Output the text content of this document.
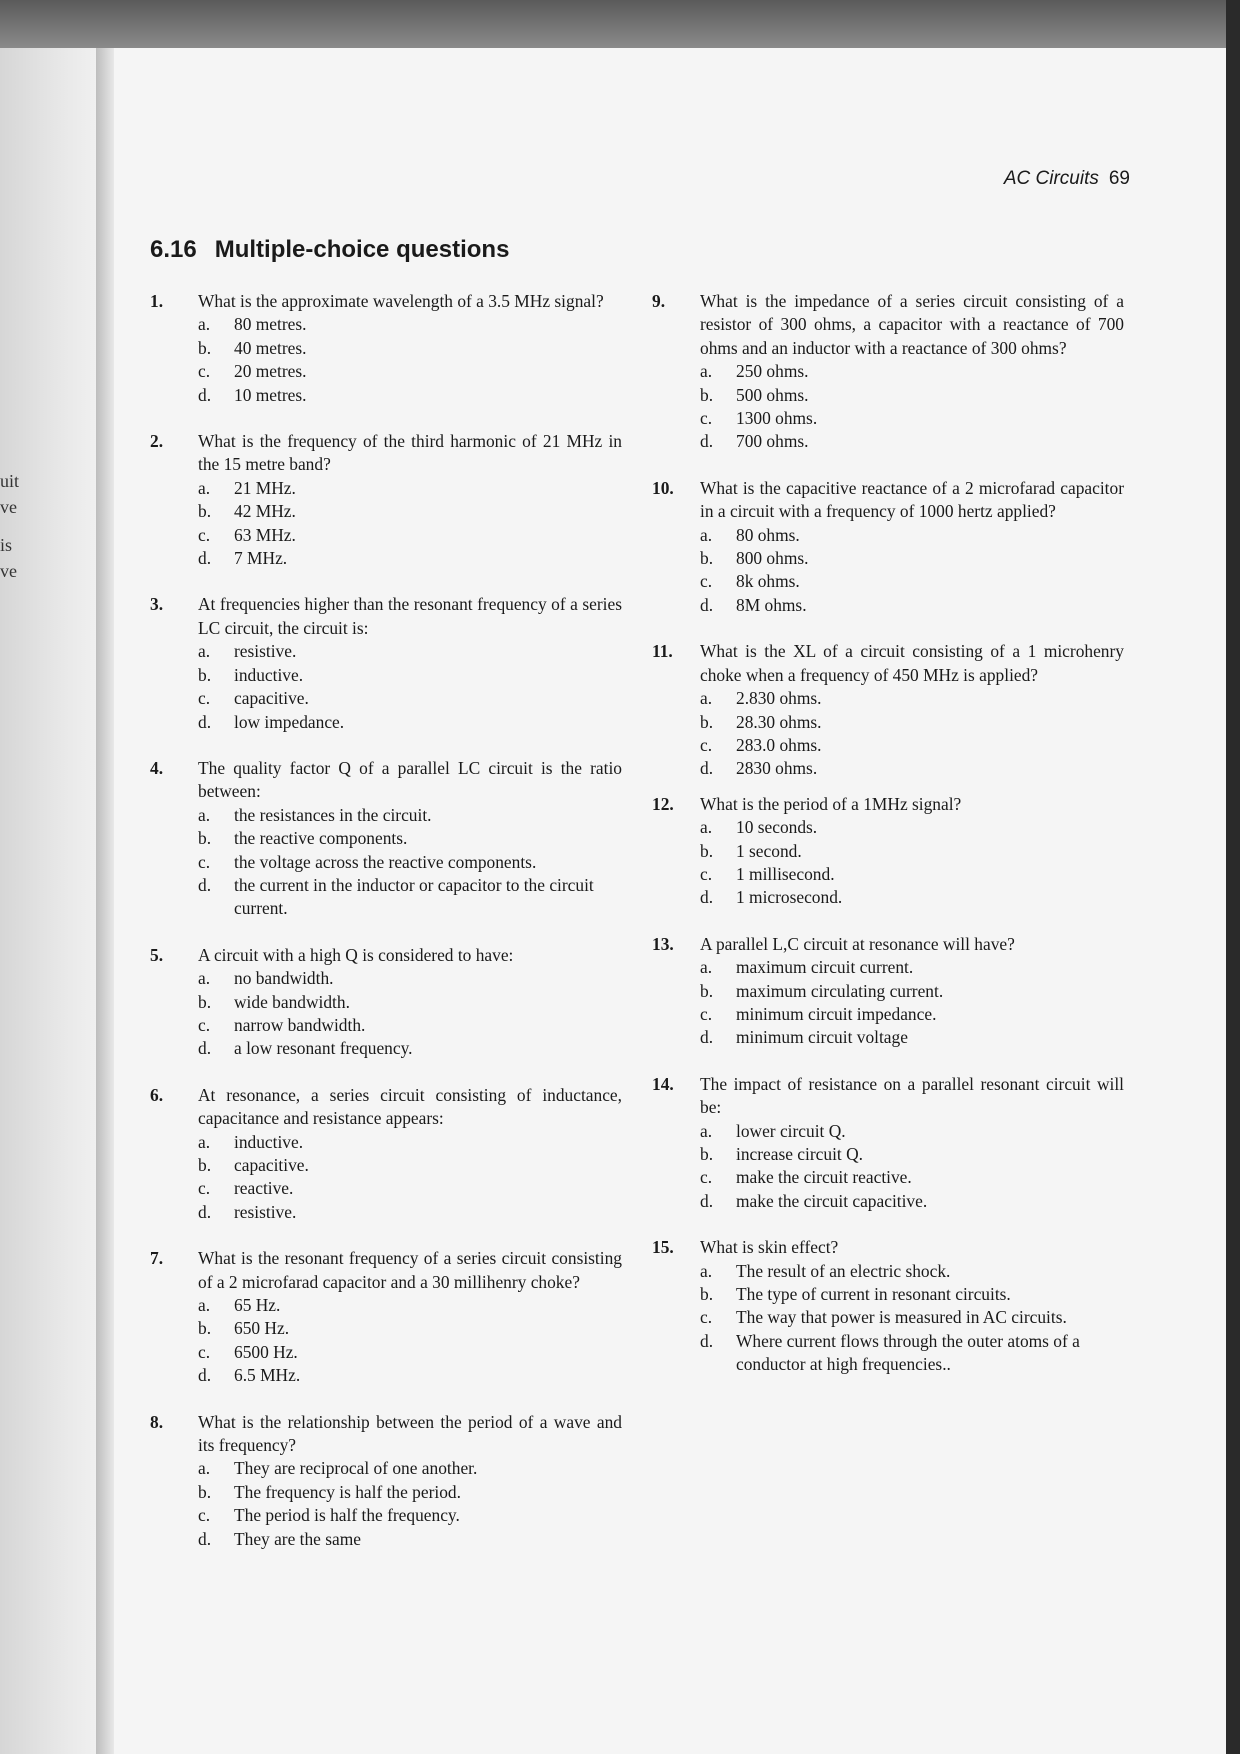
uit
ve
is
ve
AC Circuits 69
6.16 Multiple-choice questions
1. What is the approximate wavelength of a 3.5 MHz signal?
a. 80 metres.
b. 40 metres.
c. 20 metres.
d. 10 metres.
2. What is the frequency of the third harmonic of 21 MHz in the 15 metre band?
a. 21 MHz.
b. 42 MHz.
c. 63 MHz.
d. 7 MHz.
3. At frequencies higher than the resonant frequency of a series LC circuit, the circuit is:
a. resistive.
b. inductive.
c. capacitive.
d. low impedance.
4. The quality factor Q of a parallel LC circuit is the ratio between:
a. the resistances in the circuit.
b. the reactive components.
c. the voltage across the reactive components.
d. the current in the inductor or capacitor to the circuit current.
5. A circuit with a high Q is considered to have:
a. no bandwidth.
b. wide bandwidth.
c. narrow bandwidth.
d. a low resonant frequency.
6. At resonance, a series circuit consisting of inductance, capacitance and resistance appears:
a. inductive.
b. capacitive.
c. reactive.
d. resistive.
7. What is the resonant frequency of a series circuit consisting of a 2 microfarad capacitor and a 30 millihenry choke?
a. 65 Hz.
b. 650 Hz.
c. 6500 Hz.
d. 6.5 MHz.
8. What is the relationship between the period of a wave and its frequency?
a. They are reciprocal of one another.
b. The frequency is half the period.
c. The period is half the frequency.
d. They are the same
9. What is the impedance of a series circuit consisting of a resistor of 300 ohms, a capacitor with a reactance of 700 ohms and an inductor with a reactance of 300 ohms?
a. 250 ohms.
b. 500 ohms.
c. 1300 ohms.
d. 700 ohms.
10. What is the capacitive reactance of a 2 microfarad capacitor in a circuit with a frequency of 1000 hertz applied?
a. 80 ohms.
b. 800 ohms.
c. 8k ohms.
d. 8M ohms.
11. What is the XL of a circuit consisting of a 1 microhenry choke when a frequency of 450 MHz is applied?
a. 2.830 ohms.
b. 28.30 ohms.
c. 283.0 ohms.
d. 2830 ohms.
12. What is the period of a 1MHz signal?
a. 10 seconds.
b. 1 second.
c. 1 millisecond.
d. 1 microsecond.
13. A parallel L,C circuit at resonance will have?
a. maximum circuit current.
b. maximum circulating current.
c. minimum circuit impedance.
d. minimum circuit voltage
14. The impact of resistance on a parallel resonant circuit will be:
a. lower circuit Q.
b. increase circuit Q.
c. make the circuit reactive.
d. make the circuit capacitive.
15. What is skin effect?
a. The result of an electric shock.
b. The type of current in resonant circuits.
c. The way that power is measured in AC circuits.
d. Where current flows through the outer atoms of a conductor at high frequencies..
